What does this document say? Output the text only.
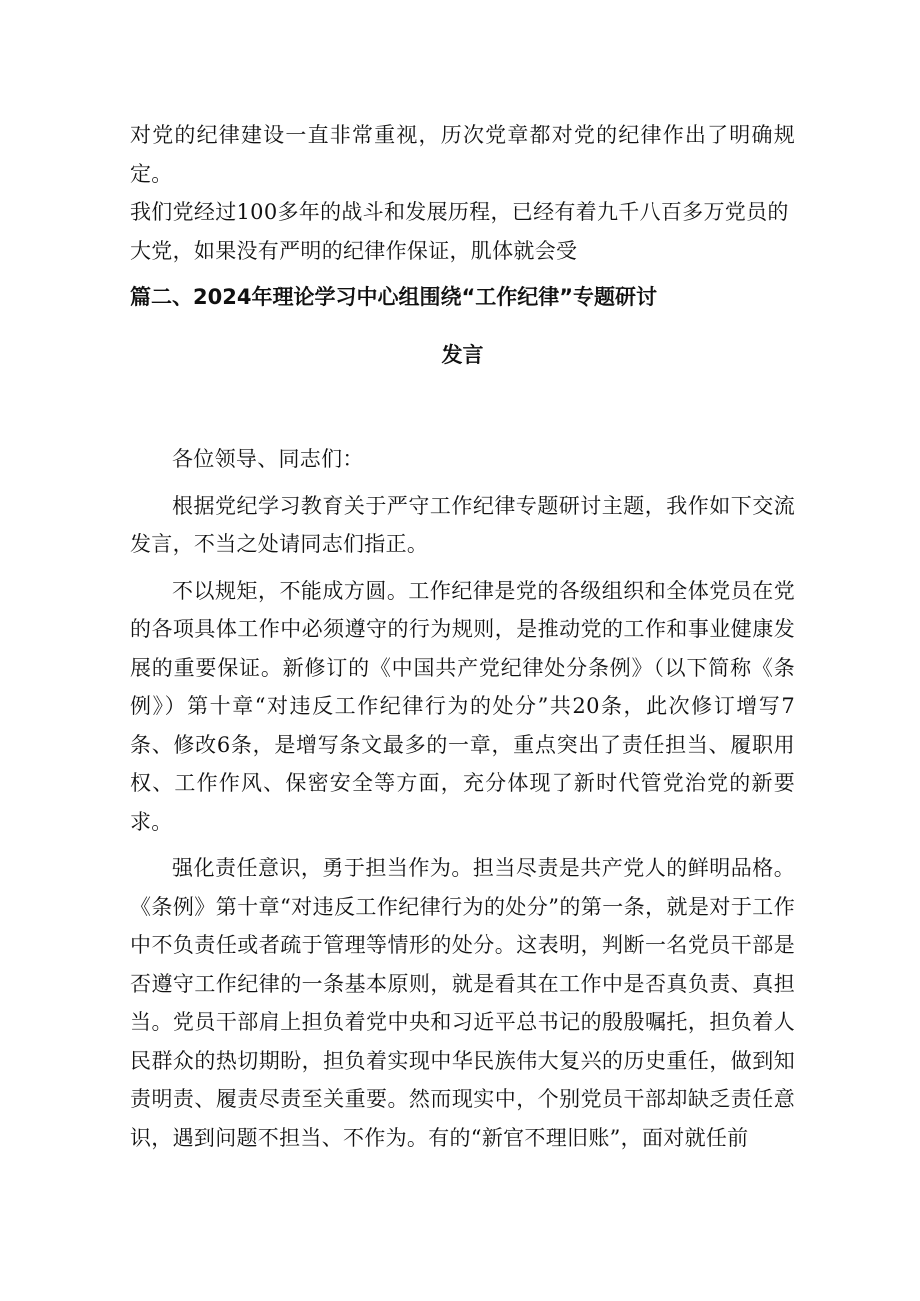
对党的纪律建设一直非常重视，历次党章都对党的纪律作出了明确规定。

我们党经过100多年的战斗和发展历程，已经有着九千八百多万党员的

大党，如果没有严明的纪律作保证，肌体就会受

篇二、2024年理论学习中心组围绕“工作纪律”专题研讨
发言

各位领导、同志们：

根据党纪学习教育关于严守工作纪律专题研讨主题，我作如下交流发言，不当之处请同志们指正。

不以规矩，不能成方圆。工作纪律是党的各级组织和全体党员在党的各项具体工作中必须遵守的行为规则，是推动党的工作和事业健康发展的重要保证。新修订的《中国共产党纪律处分条例》（以下简称《条例》）第十章“对违反工作纪律行为的处分”共20条，此次修订增写7条、修改6条，是增写条文最多的一章，重点突出了责任担当、履职用权、工作作风、保密安全等方面，充分体现了新时代管党治党的新要求。

强化责任意识，勇于担当作为。担当尽责是共产党人的鲜明品格。《条例》第十章“对违反工作纪律行为的处分”的第一条，就是对于工作中不负责任或者疏于管理等情形的处分。这表明，判断一名党员干部是否遵守工作纪律的一条基本原则，就是看其在工作中是否真负责、真担当。党员干部肩上担负着党中央和习近平总书记的殷殷嘱托，担负着人民群众的热切期盼，担负着实现中华民族伟大复兴的历史重任，做到知责明责、履责尽责至关重要。然而现实中，个别党员干部却缺乏责任意识，遇到问题不担当、不作为。有的“新官不理旧账”，面对就任前
